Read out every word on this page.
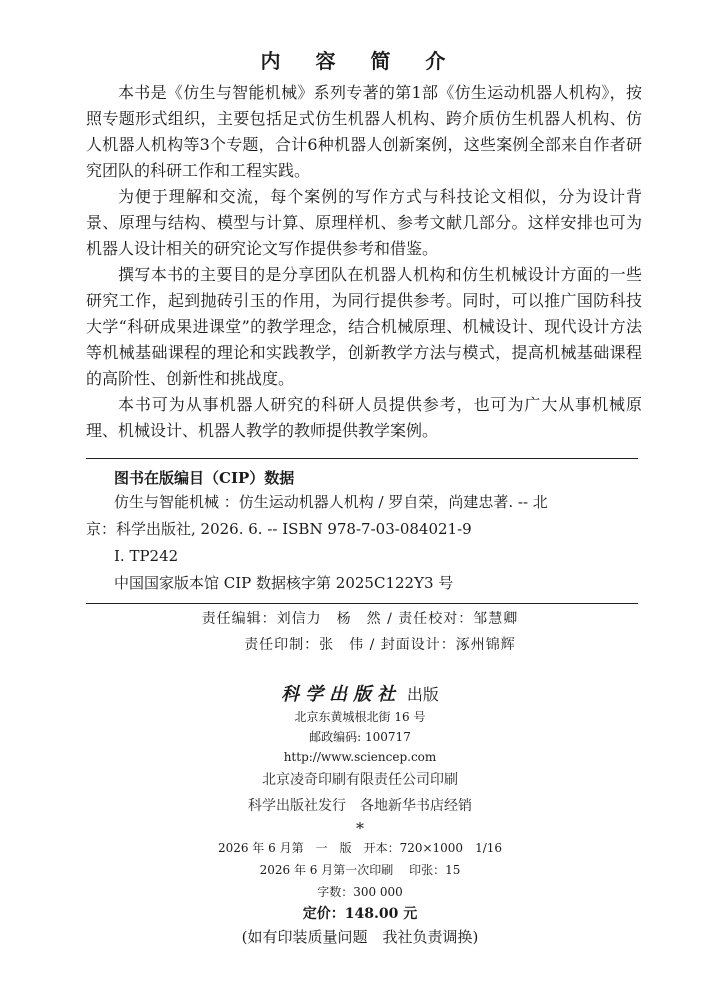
内 容 简 介

本书是《仿生与智能机械》系列专著的第1部《仿生运动机器人机构》，按照专题形式组织，主要包括足式仿生机器人机构、跨介质仿生机器人机构、仿人机器人机构等3个专题，合计6种机器人创新案例，这些案例全部来自作者研究团队的科研工作和工程实践。

为便于理解和交流，每个案例的写作方式与科技论文相似，分为设计背景、原理与结构、模型与计算、原理样机、参考文献几部分。这样安排也可为机器人设计相关的研究论文写作提供参考和借鉴。

撰写本书的主要目的是分享团队在机器人机构和仿生机械设计方面的一些研究工作，起到抛砖引玉的作用，为同行提供参考。同时，可以推广国防科技大学“科研成果进课堂”的教学理念，结合机械原理、机械设计、现代设计方法等机械基础课程的理论和实践教学，创新教学方法与模式，提高机械基础课程的高阶性、创新性和挑战度。

本书可为从事机器人研究的科研人员提供参考，也可为广大从事机械原理、机械设计、机器人教学的教师提供教学案例。

图书在版编目（CIP）数据
仿生与智能机械 ：仿生运动机器人机构 / 罗自荣，尚建忠著. -- 北
京：科学出版社, 2026. 6. -- ISBN 978-7-03-084021-9
Ⅰ. TP242
中国国家版本馆 CIP 数据核字第 2025C122Y3 号
责任编辑：刘信力　杨　然 / 责任校对：邹慧卿
责任印制：张　伟 / 封面设计：涿州锦辉
科学出版社 出版
北京东黄城根北街 16 号
邮政编码: 100717
http://www.sciencep.com
北京凌奇印刷有限责任公司印刷
科学出版社发行　各地新华书店经销
*
2026 年 6 月第　一　版　开本：720×1000　1/16
2026 年 6 月第一次印刷　 印张：15
字数：300 000
定价：148.00 元
(如有印装质量问题　我社负责调换)
